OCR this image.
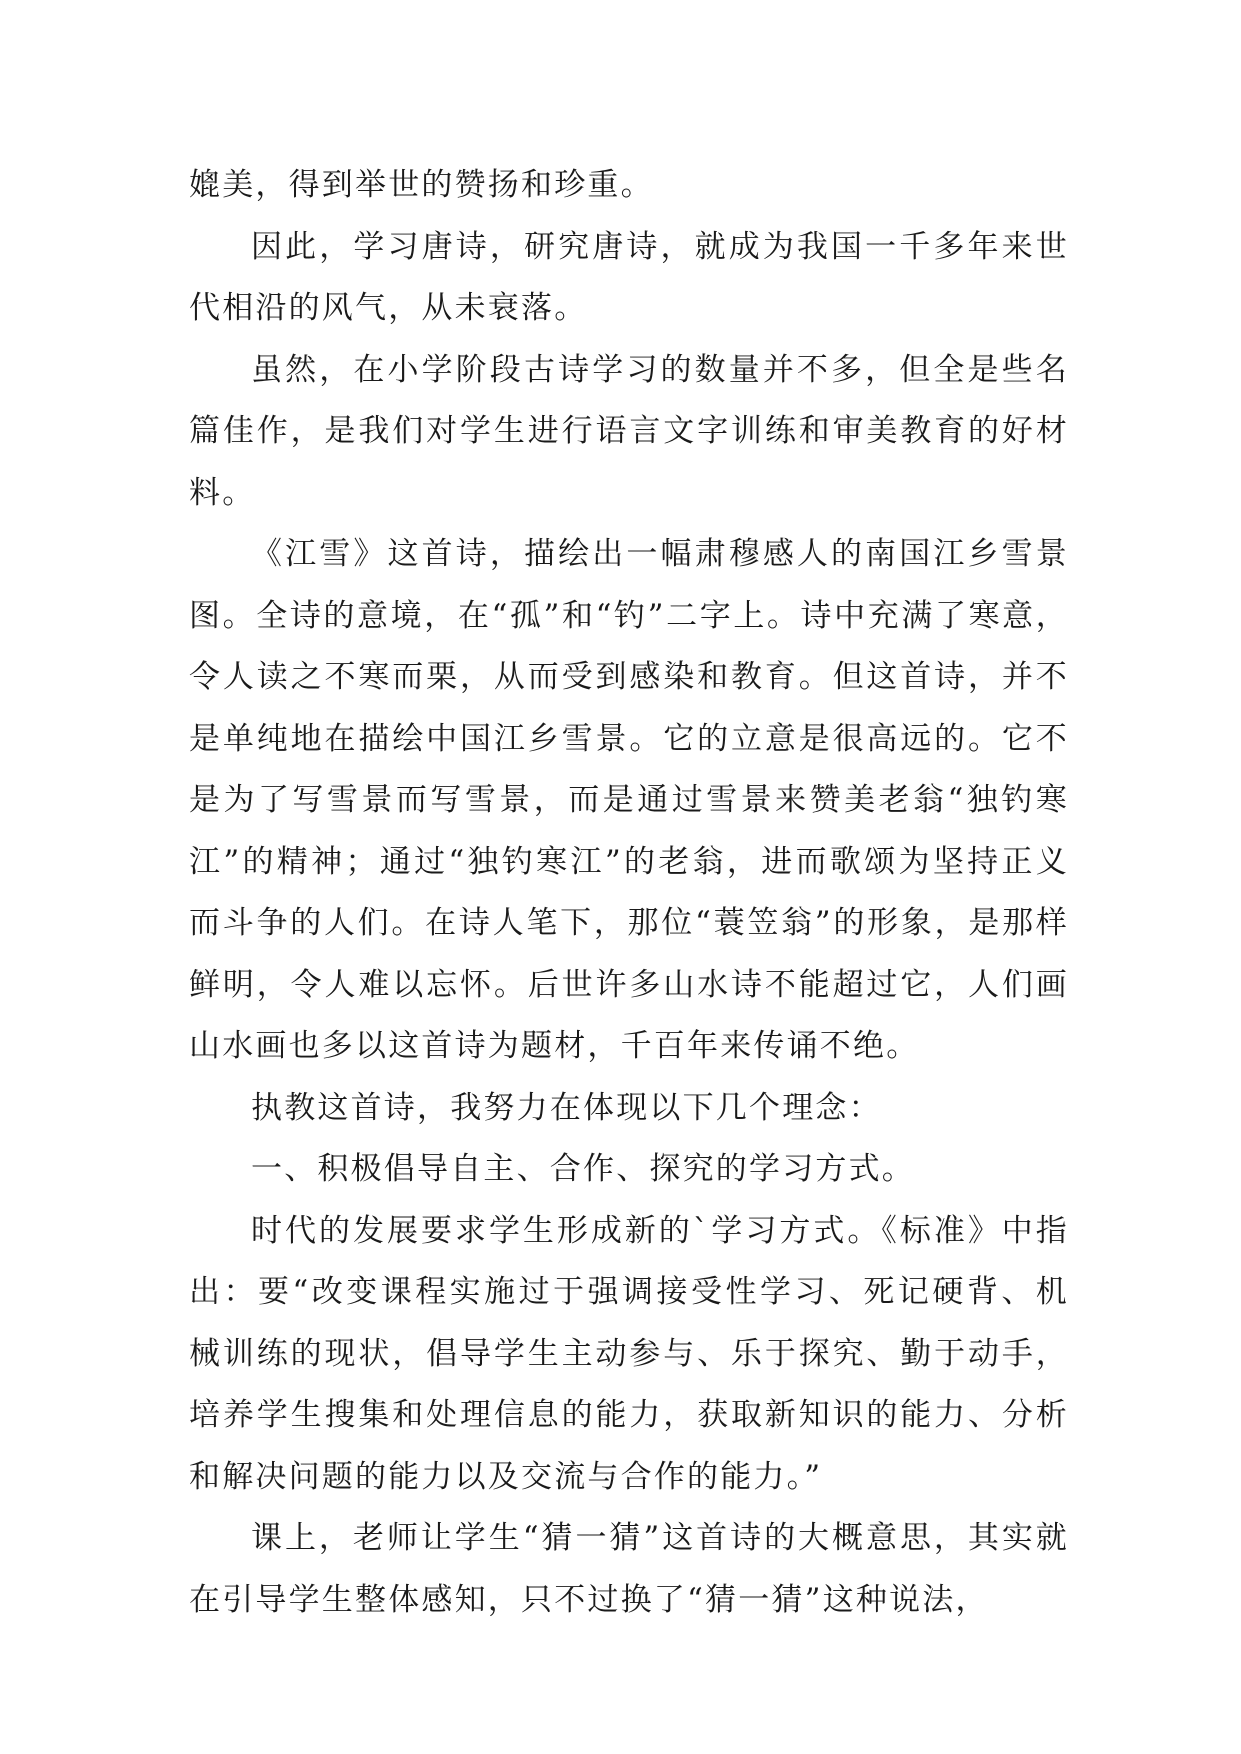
媲美，得到举世的赞扬和珍重。

因此，学习唐诗，研究唐诗，就成为我国一千多年来世代相沿的风气，从未衰落。

虽然，在小学阶段古诗学习的数量并不多，但全是些名篇佳作，是我们对学生进行语言文字训练和审美教育的好材料。

《江雪》这首诗，描绘出一幅肃穆感人的南国江乡雪景图。全诗的意境，在“孤”和“钓”二字上。诗中充满了寒意，令人读之不寒而栗，从而受到感染和教育。但这首诗，并不是单纯地在描绘中国江乡雪景。它的立意是很高远的。它不是为了写雪景而写雪景，而是通过雪景来赞美老翁“独钓寒江”的精神；通过“独钓寒江”的老翁，进而歌颂为坚持正义而斗争的人们。在诗人笔下，那位“蓑笠翁”的形象，是那样鲜明，令人难以忘怀。后世许多山水诗不能超过它，人们画山水画也多以这首诗为题材，千百年来传诵不绝。

执教这首诗，我努力在体现以下几个理念：

一、积极倡导自主、合作、探究的学习方式。

时代的发展要求学生形成新的`学习方式。《标准》中指出：要“改变课程实施过于强调接受性学习、死记硬背、机械训练的现状，倡导学生主动参与、乐于探究、勤于动手，培养学生搜集和处理信息的能力，获取新知识的能力、分析和解决问题的能力以及交流与合作的能力。”

课上，老师让学生“猜一猜”这首诗的大概意思，其实就在引导学生整体感知，只不过换了“猜一猜”这种说法，
